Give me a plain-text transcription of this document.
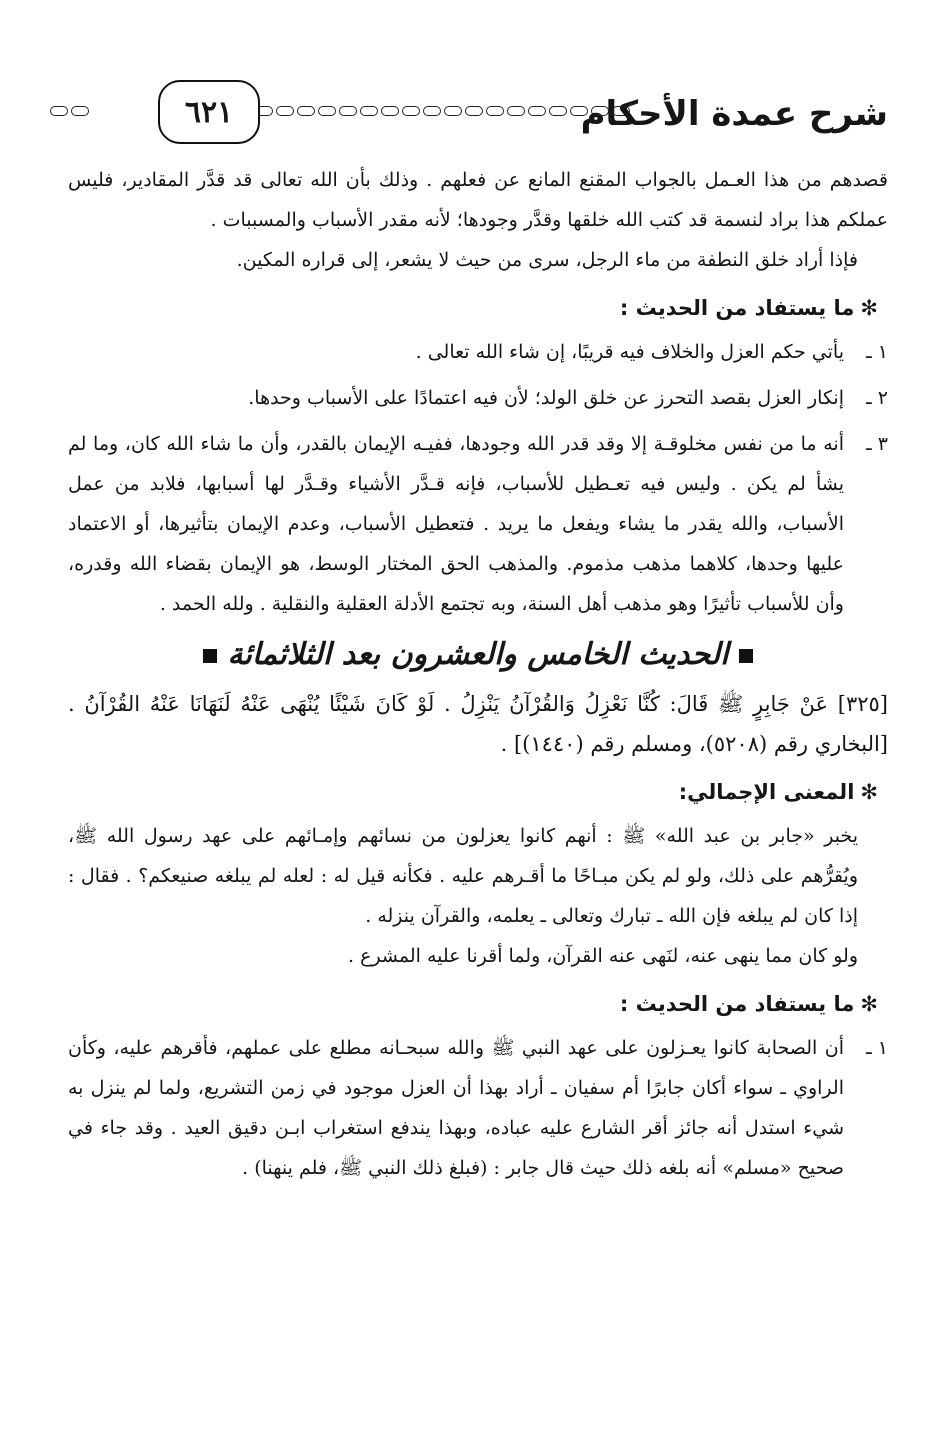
شرح عمدة الأحكام
٦٢١

قصدهم من هذا العـمل بالجواب المقنع المانع عن فعلهم . وذلك بأن الله تعالى قد قدَّر المقادير، فليس عملكم هذا براد لنسمة قد كتب الله خلقها وقدَّر وجودها؛ لأنه مقدر الأسباب والمسببات .

فإذا أراد خلق النطفة من ماء الرجل، سرى من حيث لا يشعر، إلى قراره المكين.

✻ما يستفاد من الحديث :
١ ـ
يأتي حكم العزل والخلاف فيه قريبًا، إن شاء الله تعالى .
٢ ـ
إنكار العزل بقصد التحرز عن خلق الولد؛ لأن فيه اعتمادًا على الأسباب وحدها.
٣ ـ
أنه ما من نفس مخلوقـة إلا وقد قدر الله وجودها، ففيـه الإيمان بالقدر، وأن ما شاء الله كان، وما لم يشأ لم يكن . وليس فيه تعـطيل للأسباب، فإنه قـدَّر الأشياء وقـدَّر لها أسبابها، فلابد من عمل الأسباب، والله يقدر ما يشاء ويفعل ما يريد . فتعطيل الأسباب، وعدم الإيمان بتأثيرها، أو الاعتماد عليها وحدها، كلاهما مذهب مذموم. والمذهب الحق المختار الوسط، هو الإيمان بقضاء الله وقدره، وأن للأسباب تأثيرًا وهو مذهب أهل السنة، وبه تجتمع الأدلة العقلية والنقلية . ولله الحمد .
الحديث الخامس والعشرون بعد الثلاثمائة

[٣٢٥] عَنْ جَابِرٍ ﷺ قَالَ: كُنَّا نَعْزِلُ وَالقُرْآنُ يَنْزِلُ . لَوْ كَانَ شَيْئًا يُنْهَى عَنْهُ لَنَهَانَا عَنْهُ القُرْآنُ . [البخاري رقم (٥٢٠٨)، ومسلم رقم (١٤٤٠)] .

✻المعنى الإجمالي:

يخبر «جابر بن عبد الله» ﷺ : أنهم كانوا يعزلون من نسائهم وإمـائهم على عهد رسول الله ﷺ، ويُقرُّهم على ذلك، ولو لم يكن مبـاحًا ما أقـرهم عليه . فكأنه قيل له : لعله لم يبلغه صنيعكم؟ . فقال : إذا كان لم يبلغه فإن الله ـ تبارك وتعالى ـ يعلمه، والقرآن ينزله .

ولو كان مما ينهى عنه، لنَهى عنه القرآن، ولما أقرنا عليه المشرع .

✻ما يستفاد من الحديث :
١ ـ
أن الصحابة كانوا يعـزلون على عهد النبي ﷺ والله سبحـانه مطلع على عملهم، فأقرهم عليه، وكأن الراوي ـ سواء أكان جابرًا أم سفيان ـ أراد بهذا أن العزل موجود في زمن التشريع، ولما لم ينزل به شيء استدل أنه جائز أقر الشارع عليه عباده، وبهذا يندفع استغراب ابـن دقيق العيد . وقد جاء في صحيح «مسلم» أنه بلغه ذلك حيث قال جابر : (فبلغ ذلك النبي ﷺ، فلم ينهنا) .
